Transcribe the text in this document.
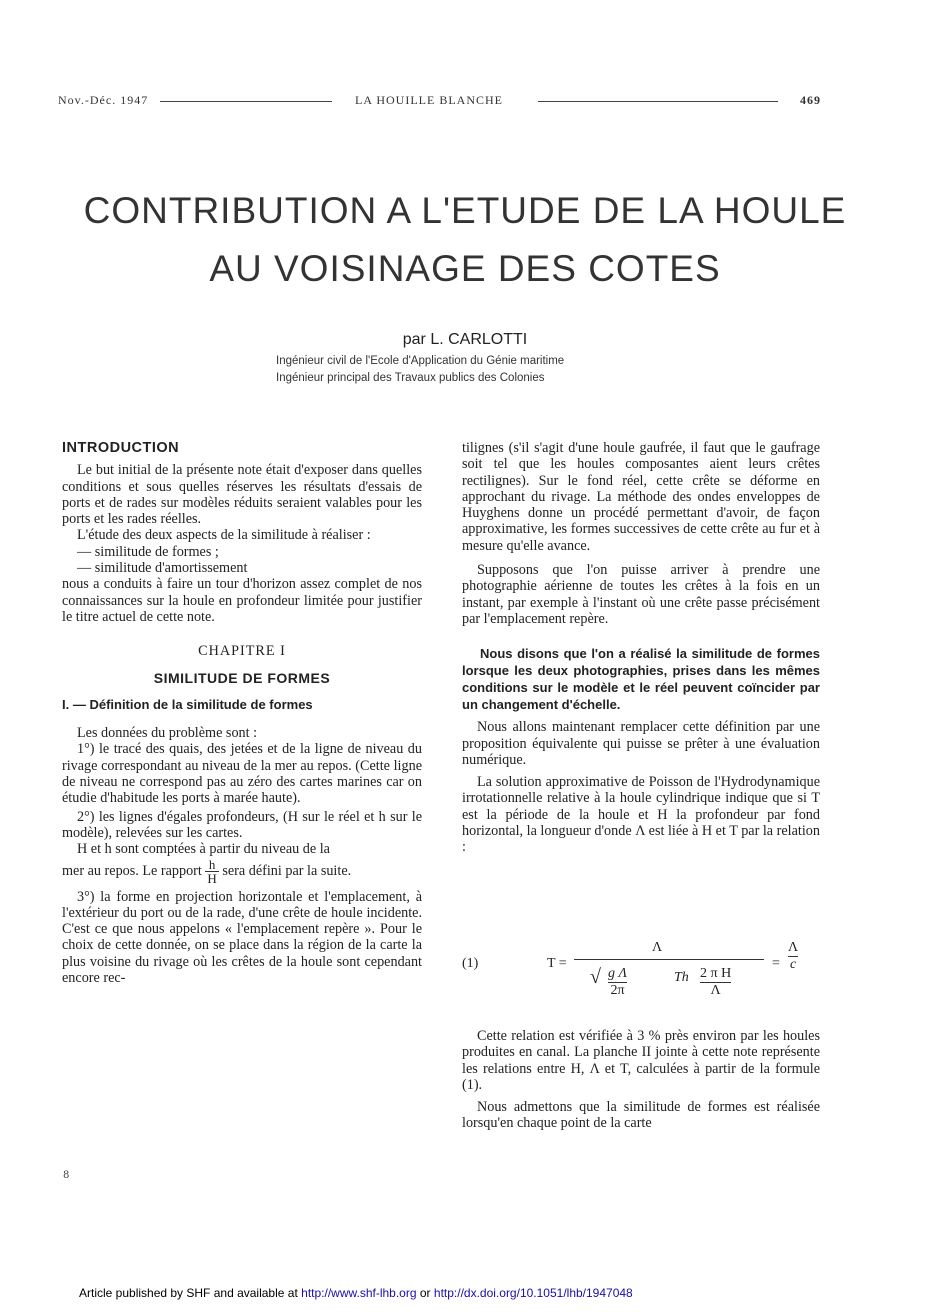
Nov.-Déc. 1947	LA HOUILLE BLANCHE	469
CONTRIBUTION A L'ETUDE DE LA HOULE
AU VOISINAGE DES COTES
par L. CARLOTTI
Ingénieur civil de l'Ecole d'Application du Génie maritime
Ingénieur principal des Travaux publics des Colonies

INTRODUCTION

Le but initial de la présente note était d'exposer dans quelles conditions et sous quelles réserves les résultats d'essais de ports et de rades sur modèles réduits seraient valables pour les ports et les rades réelles.

L'étude des deux aspects de la similitude à réaliser :

— similitude de formes ;

— similitude d'amortissement

nous a conduits à faire un tour d'horizon assez complet de nos connaissances sur la houle en profondeur limitée pour justifier le titre actuel de cette note.

CHAPITRE I

SIMILITUDE DE FORMES

I. — Définition de la similitude de formes

Les données du problème sont :

1°) le tracé des quais, des jetées et de la ligne de niveau du rivage correspondant au niveau de la mer au repos. (Cette ligne de niveau ne correspond pas au zéro des cartes marines car on étudie d'habitude les ports à marée haute).

2°) les lignes d'égales profondeurs, (H sur le réel et h sur le modèle), relevées sur les cartes.

H et h sont comptées à partir du niveau de la

mer au repos. Le rapport $\frac{h}{H}$ sera défini par la suite.

3°) la forme en projection horizontale et l'emplacement, à l'extérieur du port ou de la rade, d'une crête de houle incidente. C'est ce que nous appelons « l'emplacement repère ». Pour le choix de cette donnée, on se place dans la région de la carte la plus voisine du rivage où les crêtes de la houle sont cependant encore rec-

tilignes (s'il s'agit d'une houle gaufrée, il faut que le gaufrage soit tel que les houles composantes aient leurs crêtes rectilignes). Sur le fond réel, cette crête se déforme en approchant du rivage. La méthode des ondes enveloppes de Huyghens donne un procédé permettant d'avoir, de façon approximative, les formes successives de cette crête au fur et à mesure qu'elle avance.

Supposons que l'on puisse arriver à prendre une photographie aérienne de toutes les crêtes à la fois en un instant, par exemple à l'instant où une crête passe précisément par l'emplacement repère.

Nous disons que l'on a réalisé la similitude de formes lorsque les deux photographies, prises dans les mêmes conditions sur le modèle et le réel peuvent coïncider par un changement d'échelle.

Nous allons maintenant remplacer cette définition par une proposition équivalente qui puisse se prêter à une évaluation numérique.

La solution approximative de Poisson de l'Hydrodynamique irrotationnelle relative à la houle cylindrique indique que si T est la période de la houle et H la profondeur par fond horizontal, la longueur d'onde Λ est liée à H et T par la relation :

(1)	T =
Λ
√ g Λ
2π
Th 2 π H
Λ
=
Λ
c

Cette relation est vérifiée à 3 % près environ par les houles produites en canal. La planche II jointe à cette note représente les relations entre H, Λ et T, calculées à partir de la formule (1).

Nous admettons que la similitude de formes est réalisée lorsqu'en chaque point de la carte

8
Article published by SHF and available at http://www.shf-lhb.org or http://dx.doi.org/10.1051/lhb/1947048
